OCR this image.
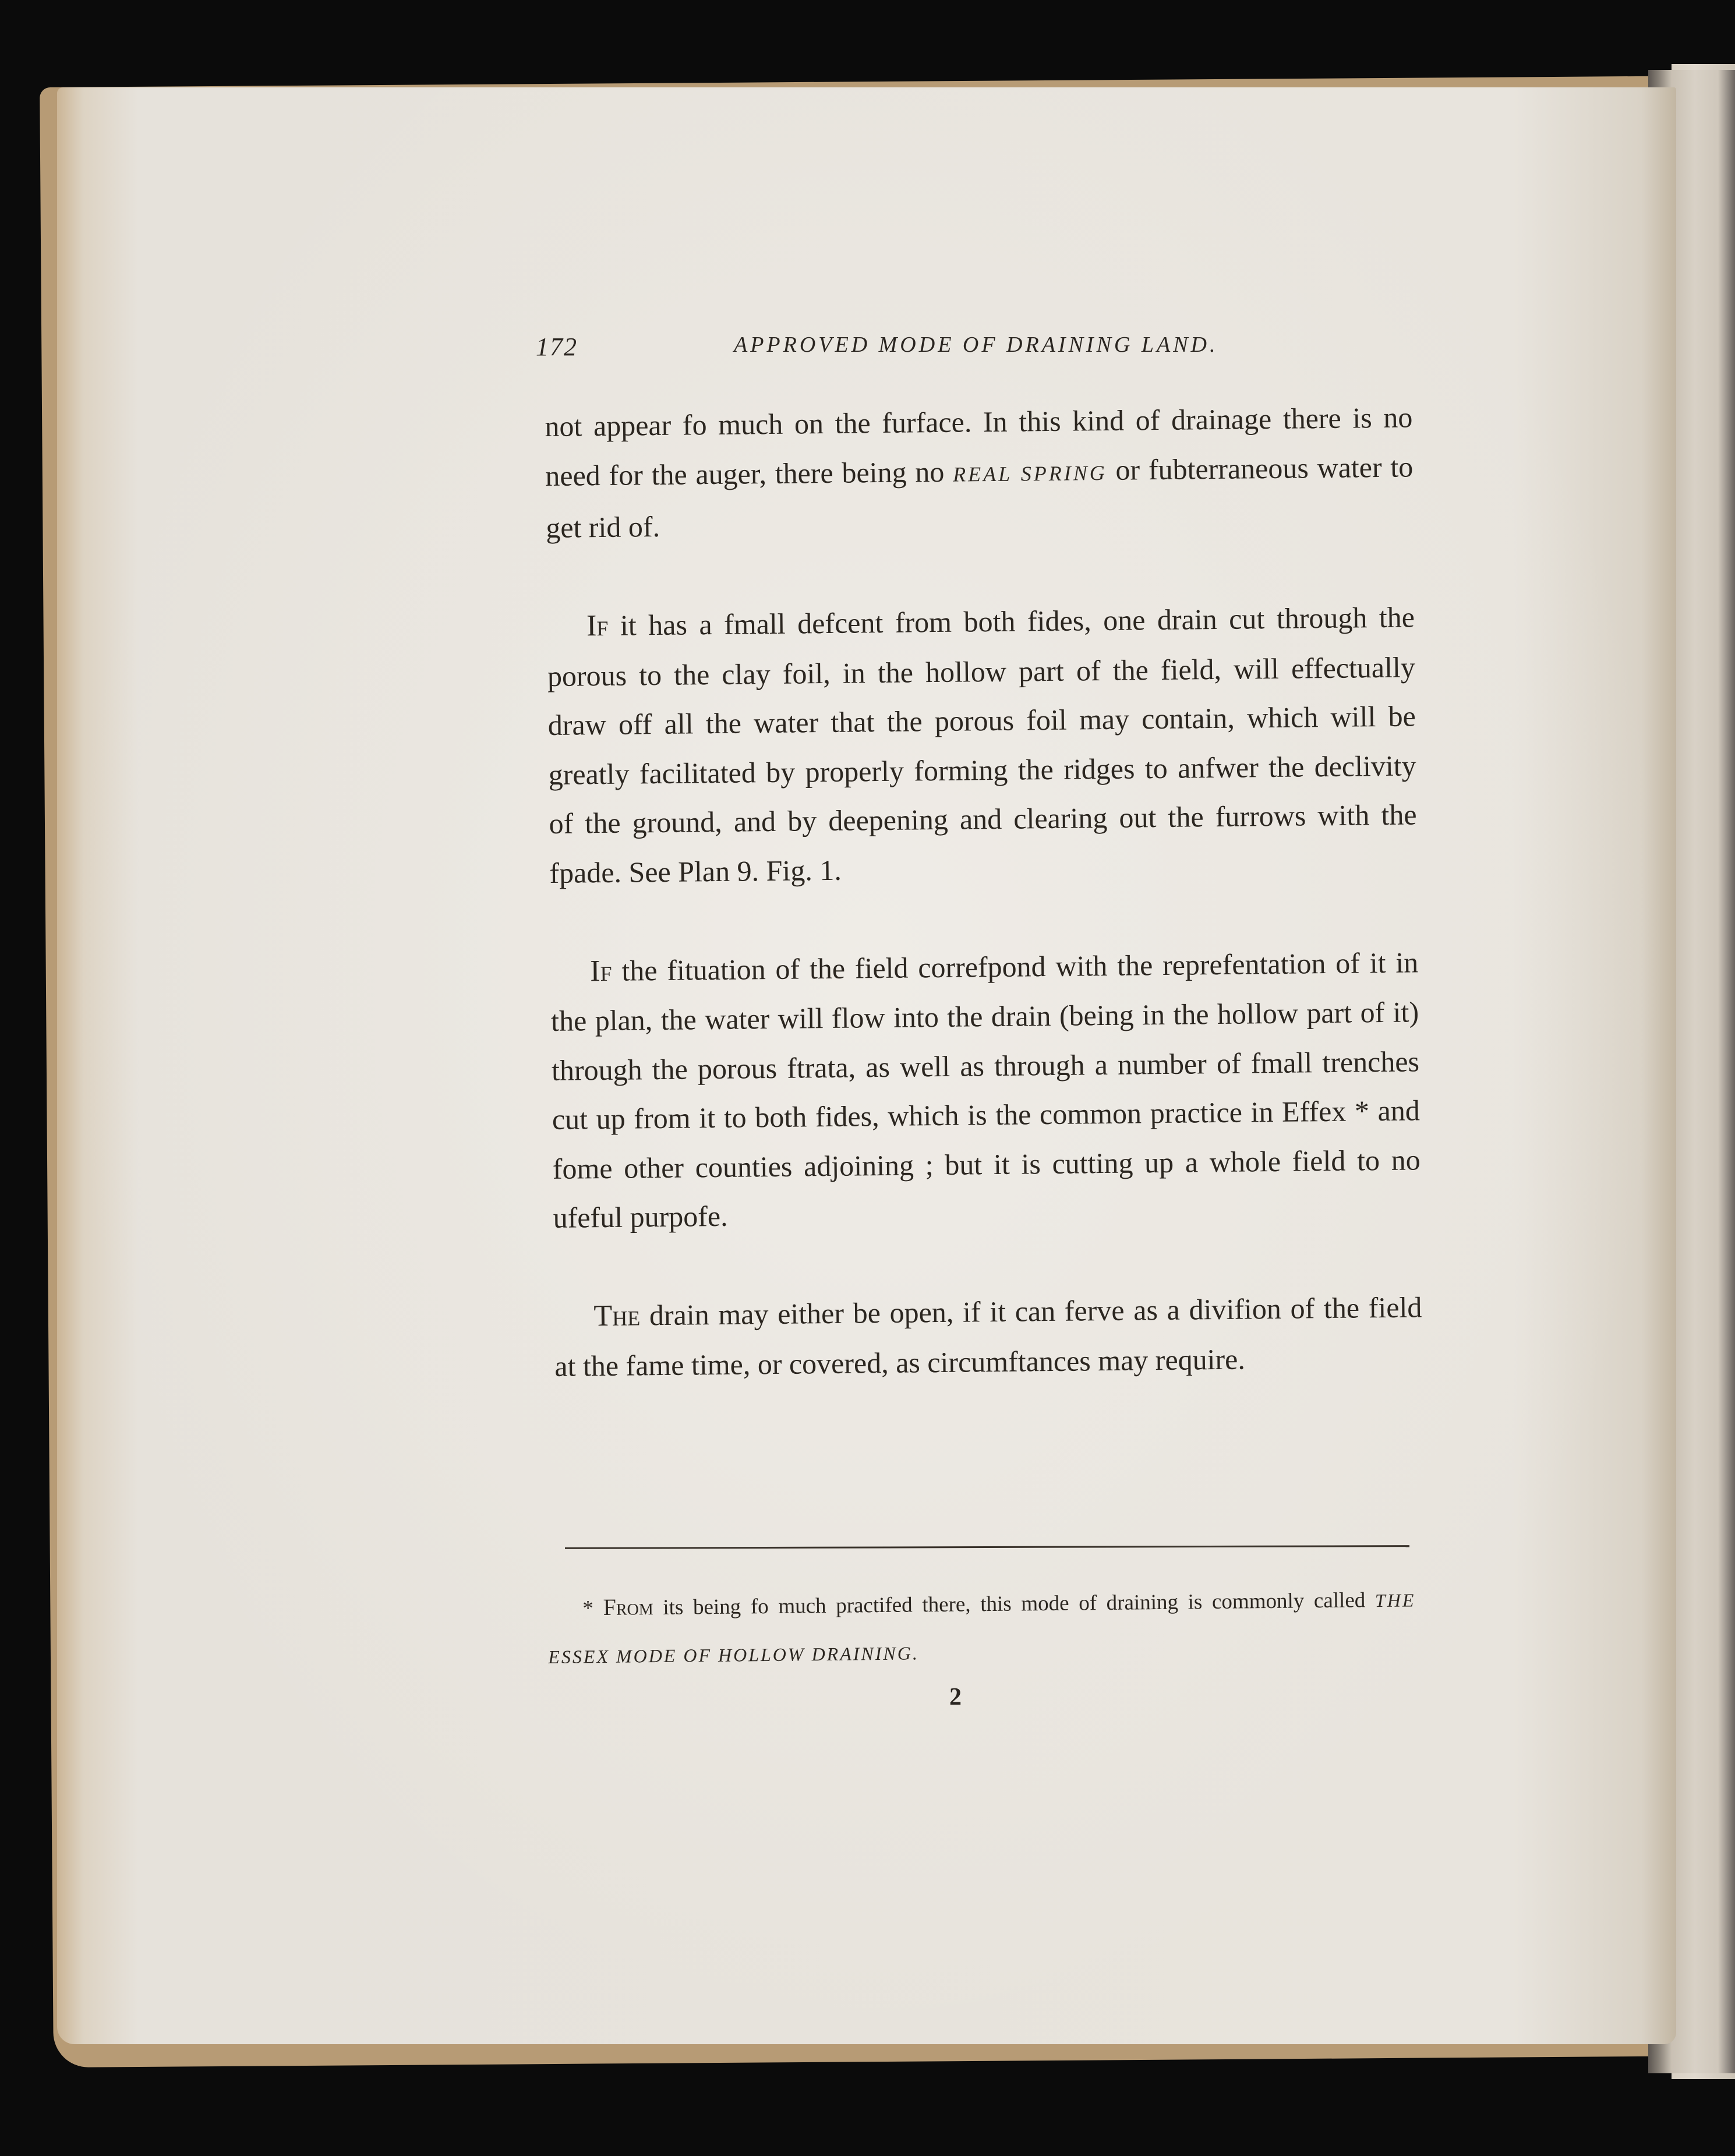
172	APPROVED MODE OF DRAINING LAND.

not appear fo much on the furface. In this kind of drainage there is no need for the auger, there being no REAL SPRING or fubterraneous water to get rid of.

If it has a fmall defcent from both fides, one drain cut through the porous to the clay foil, in the hollow part of the field, will effectually draw off all the water that the porous foil may contain, which will be greatly facilitated by properly forming the ridges to anfwer the declivity of the ground, and by deepening and clearing out the furrows with the fpade. See Plan 9. Fig. 1.

If the fituation of the field correfpond with the reprefentation of it in the plan, the water will flow into the drain (being in the hollow part of it) through the porous ftrata, as well as through a number of fmall trenches cut up from it to both fides, which is the common practice in Effex * and fome other counties adjoining ; but it is cutting up a whole field to no ufeful purpofe.

The drain may either be open, if it can ferve as a divifion of the field at the fame time, or covered, as circumftances may require.

* From its being fo much practifed there, this mode of draining is commonly called THE ESSEX MODE OF HOLLOW DRAINING.
2
